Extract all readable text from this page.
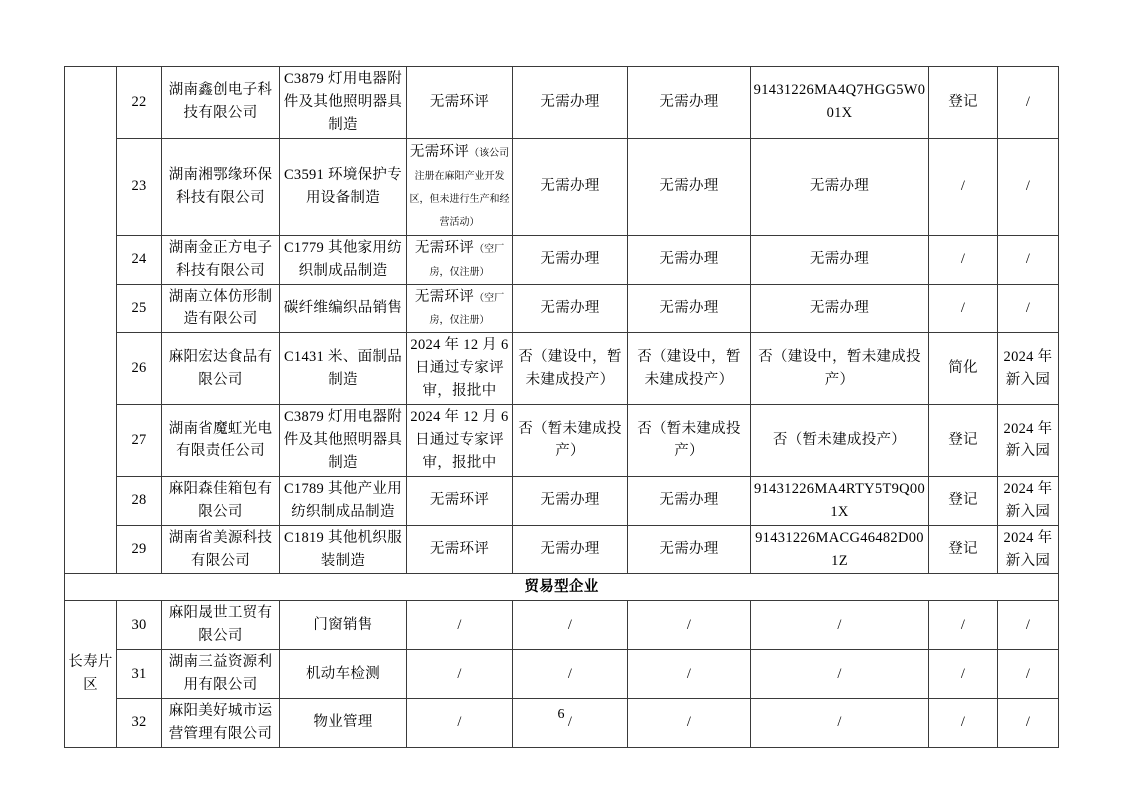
	22	湖南鑫创电子科技有限公司	C3879 灯用电器附件及其他照明器具制造	无需环评	无需办理	无需办理	91431226MA4Q7HGG5W001X	登记	/
	23	湖南湘鄂缘环保科技有限公司	C3591 环境保护专用设备制造	无需环评（该公司注册在麻阳产业开发区，但未进行生产和经营活动）	无需办理	无需办理	无需办理	/	/
	24	湖南金正方电子科技有限公司	C1779 其他家用纺织制成品制造	无需环评（空厂房，仅注册）	无需办理	无需办理	无需办理	/	/
	25	湖南立体仿形制造有限公司	碳纤维编织品销售	无需环评（空厂房，仅注册）	无需办理	无需办理	无需办理	/	/
	26	麻阳宏达食品有限公司	C1431 米、面制品制造	2024 年 12 月 6 日通过专家评审，报批中	否（建设中，暂未建成投产）	否（建设中，暂未建成投产）	否（建设中，暂未建成投产）	简化	2024 年新入园
	27	湖南省魔虹光电有限责任公司	C3879 灯用电器附件及其他照明器具制造	2024 年 12 月 6 日通过专家评审，报批中	否（暂未建成投产）	否（暂未建成投产）	否（暂未建成投产）	登记	2024 年新入园
	28	麻阳森佳箱包有限公司	C1789 其他产业用纺织制成品制造	无需环评	无需办理	无需办理	91431226MA4RTY5T9Q001X	登记	2024 年新入园
	29	湖南省美源科技有限公司	C1819 其他机织服装制造	无需环评	无需办理	无需办理	91431226MACG46482D001Z	登记	2024 年新入园
贸易型企业									
长寿片区	30	麻阳晟世工贸有限公司	门窗销售	/	/	/	/	/	/
	31	湖南三益资源利用有限公司	机动车检测	/	/	/	/	/	/
	32	麻阳美好城市运营管理有限公司	物业管理	/	/	/	/	/	/
6
